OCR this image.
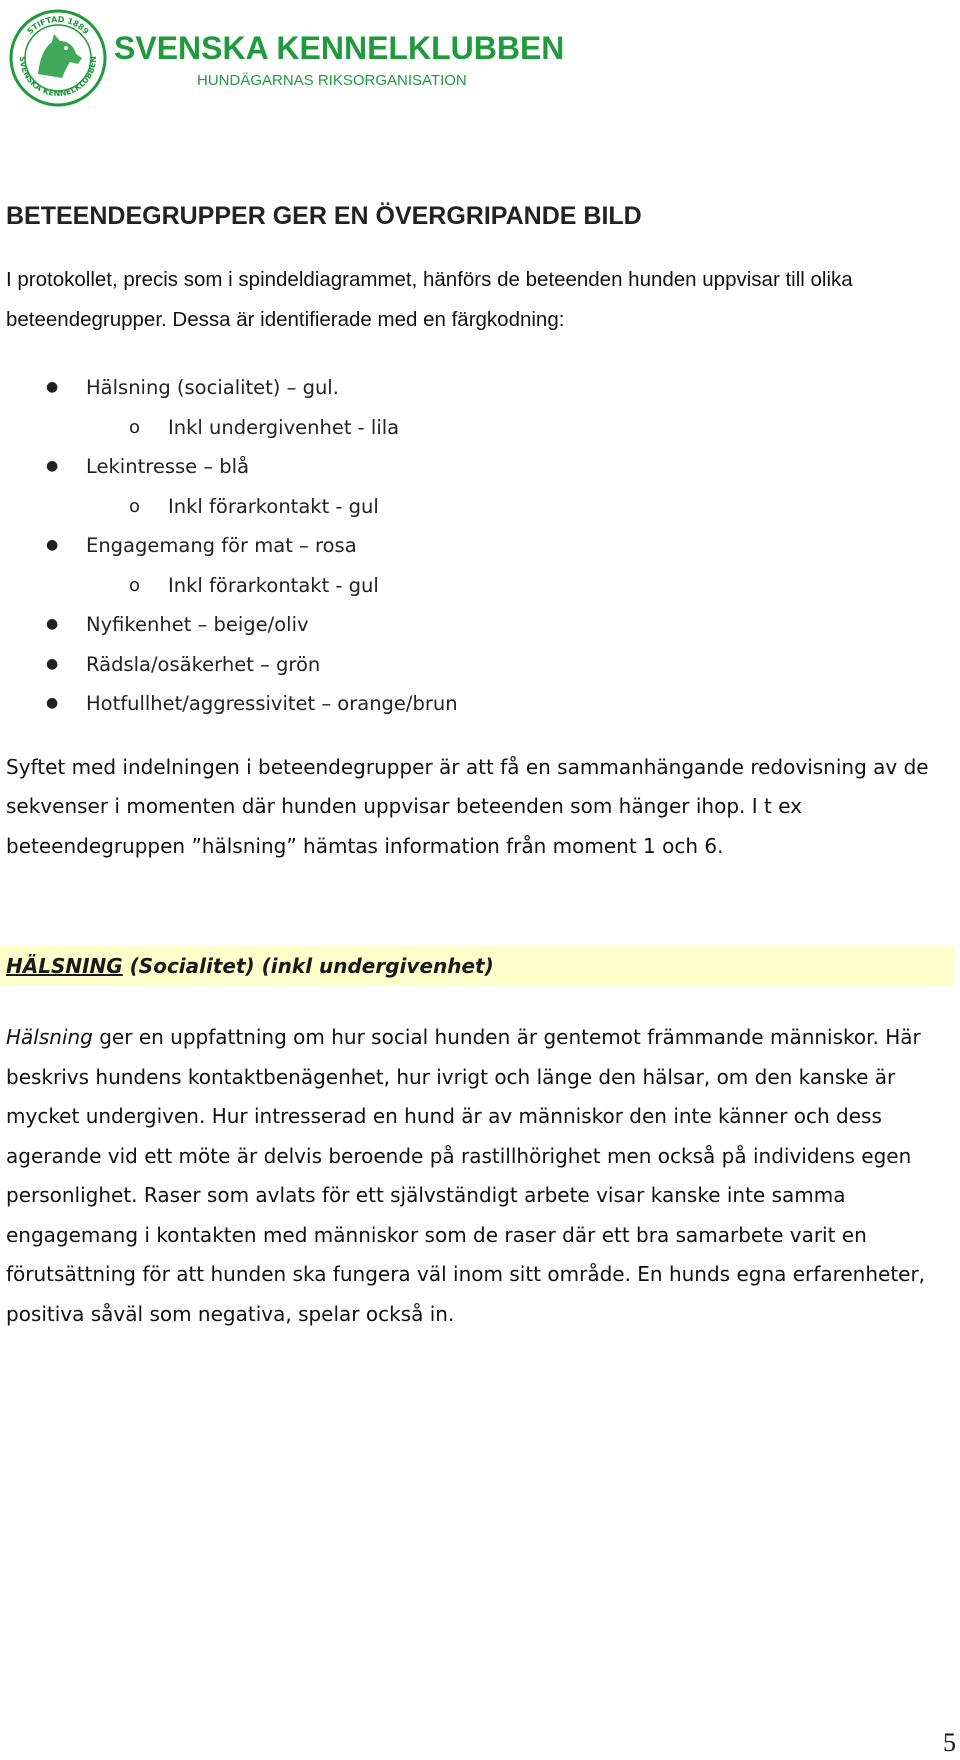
STIFTAD 1889
SVENSKA KENNELKLUBBEN SVENSKA KENNELKLUBBEN

HUNDÄGARNAS RIKSORGANISATION

BETEENDEGRUPPER GER EN ÖVERGRIPANDE BILD

I protokollet, precis som i spindeldiagrammet, hänförs de beteenden hunden uppvisar till olika beteendegrupper. Dessa är identifierade med en färgkodning:

● Hälsning (socialitet) – gul.
o Inkl undergivenhet - lila
● Lekintresse – blå
o Inkl förarkontakt - gul
● Engagemang för mat – rosa
o Inkl förarkontakt - gul
● Nyfikenhet – beige/oliv
● Rädsla/osäkerhet – grön
● Hotfullhet/aggressivitet – orange/brun

Syftet med indelningen i beteendegrupper är att få en sammanhängande redovisning av de sekvenser i momenten där hunden uppvisar beteenden som hänger ihop. I t ex beteendegruppen ”hälsning” hämtas information från moment 1 och 6.

HÄLSNING (Socialitet) (inkl undergivenhet)

Hälsning ger en uppfattning om hur social hunden är gentemot främmande människor. Här beskrivs hundens kontaktbenägenhet, hur ivrigt och länge den hälsar, om den kanske är mycket undergiven. Hur intresserad en hund är av människor den inte känner och dess agerande vid ett möte är delvis beroende på rastillhörighet men också på individens egen personlighet. Raser som avlats för ett självständigt arbete visar kanske inte samma engagemang i kontakten med människor som de raser där ett bra samarbete varit en förutsättning för att hunden ska fungera väl inom sitt område. En hunds egna erfarenheter, positiva såväl som negativa, spelar också in.

5
